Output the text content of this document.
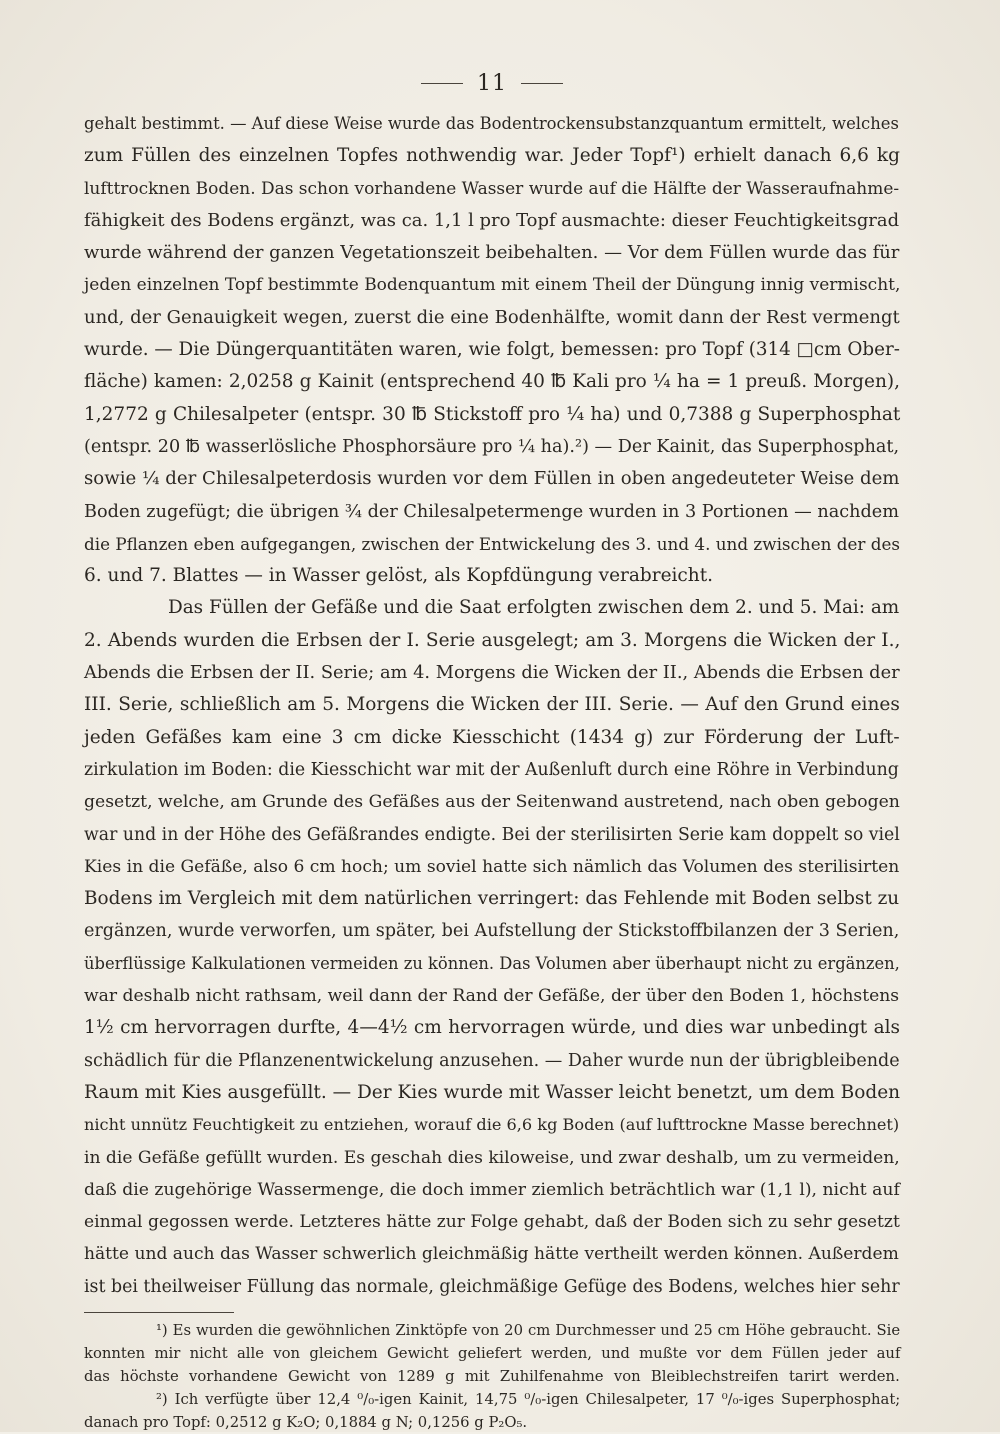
11
gehalt bestimmt. — Auf diese Weise wurde das Bodentrockensubstanzquantum ermittelt, welches
zum Füllen des einzelnen Topfes nothwendig war. Jeder Topf¹) erhielt danach 6,6 kg
lufttrocknen Boden. Das schon vorhandene Wasser wurde auf die Hälfte der Wasseraufnahme-
fähigkeit des Bodens ergänzt, was ca. 1,1 l pro Topf ausmachte: dieser Feuchtigkeitsgrad
wurde während der ganzen Vegetationszeit beibehalten. — Vor dem Füllen wurde das für
jeden einzelnen Topf bestimmte Bodenquantum mit einem Theil der Düngung innig vermischt,
und, der Genauigkeit wegen, zuerst die eine Bodenhälfte, womit dann der Rest vermengt
wurde. — Die Düngerquantitäten waren, wie folgt, bemessen: pro Topf (314 □cm Ober-
fläche) kamen: 2,0258 g Kainit (entsprechend 40 ℔ Kali pro ¼ ha = 1 preuß. Morgen),
1,2772 g Chilesalpeter (entspr. 30 ℔ Stickstoff pro ¼ ha) und 0,7388 g Superphosphat
(entspr. 20 ℔ wasserlösliche Phosphorsäure pro ¼ ha).²) — Der Kainit, das Superphosphat,
sowie ¼ der Chilesalpeterdosis wurden vor dem Füllen in oben angedeuteter Weise dem
Boden zugefügt; die übrigen ¾ der Chilesalpetermenge wurden in 3 Portionen — nachdem
die Pflanzen eben aufgegangen, zwischen der Entwickelung des 3. und 4. und zwischen der des
6. und 7. Blattes — in Wasser gelöst, als Kopfdüngung verabreicht.
Das Füllen der Gefäße und die Saat erfolgten zwischen dem 2. und 5. Mai: am
2. Abends wurden die Erbsen der I. Serie ausgelegt; am 3. Morgens die Wicken der I.,
Abends die Erbsen der II. Serie; am 4. Morgens die Wicken der II., Abends die Erbsen der
III. Serie, schließlich am 5. Morgens die Wicken der III. Serie. — Auf den Grund eines
jeden Gefäßes kam eine 3 cm dicke Kiesschicht (1434 g) zur Förderung der Luft-
zirkulation im Boden: die Kiesschicht war mit der Außenluft durch eine Röhre in Verbindung
gesetzt, welche, am Grunde des Gefäßes aus der Seitenwand austretend, nach oben gebogen
war und in der Höhe des Gefäßrandes endigte. Bei der sterilisirten Serie kam doppelt so viel
Kies in die Gefäße, also 6 cm hoch; um soviel hatte sich nämlich das Volumen des sterilisirten
Bodens im Vergleich mit dem natürlichen verringert: das Fehlende mit Boden selbst zu
ergänzen, wurde verworfen, um später, bei Aufstellung der Stickstoffbilanzen der 3 Serien,
überflüssige Kalkulationen vermeiden zu können. Das Volumen aber überhaupt nicht zu ergänzen,
war deshalb nicht rathsam, weil dann der Rand der Gefäße, der über den Boden 1, höchstens
1½ cm hervorragen durfte, 4—4½ cm hervorragen würde, und dies war unbedingt als
schädlich für die Pflanzenentwickelung anzusehen. — Daher wurde nun der übrigbleibende
Raum mit Kies ausgefüllt. — Der Kies wurde mit Wasser leicht benetzt, um dem Boden
nicht unnütz Feuchtigkeit zu entziehen, worauf die 6,6 kg Boden (auf lufttrockne Masse berechnet)
in die Gefäße gefüllt wurden. Es geschah dies kiloweise, und zwar deshalb, um zu vermeiden,
daß die zugehörige Wassermenge, die doch immer ziemlich beträchtlich war (1,1 l), nicht auf
einmal gegossen werde. Letzteres hätte zur Folge gehabt, daß der Boden sich zu sehr gesetzt
hätte und auch das Wasser schwerlich gleichmäßig hätte vertheilt werden können. Außerdem
ist bei theilweiser Füllung das normale, gleichmäßige Gefüge des Bodens, welches hier sehr
¹) Es wurden die gewöhnlichen Zinktöpfe von 20 cm Durchmesser und 25 cm Höhe gebraucht. Sie
konnten mir nicht alle von gleichem Gewicht geliefert werden, und mußte vor dem Füllen jeder auf
das höchste vorhandene Gewicht von 1289 g mit Zuhilfenahme von Bleiblechstreifen tarirt werden.
²) Ich verfügte über 12,4 ⁰/₀-igen Kainit, 14,75 ⁰/₀-igen Chilesalpeter, 17 ⁰/₀-iges Superphosphat;
danach pro Topf: 0,2512 g K₂O; 0,1884 g N; 0,1256 g P₂O₅.
